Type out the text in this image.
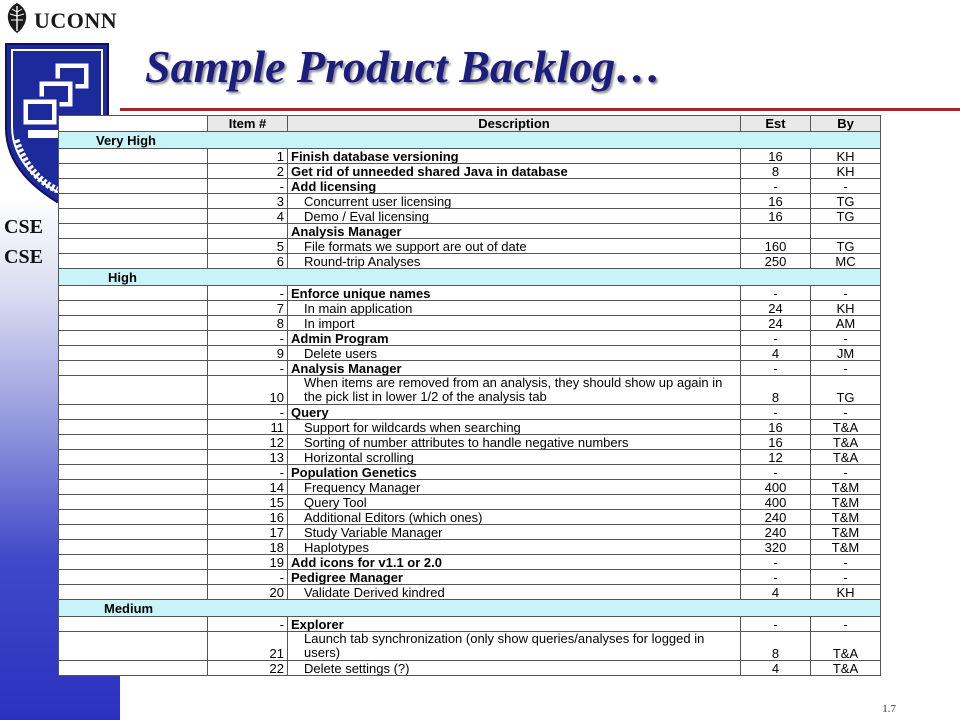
UCONN
CSE
CSE
Sample Product Backlog…
	Item #	Description	Est	By
Very High				
	1	Finish database versioning	16	KH
	2	Get rid of unneeded shared Java in database	8	KH
	-	Add licensing	-	-
	3	Concurrent user licensing	16	TG
	4	Demo / Eval licensing	16	TG
		Analysis Manager		
	5	File formats we support are out of date	160	TG
	6	Round-trip Analyses	250	MC
High				
	-	Enforce unique names	-	-
	7	In main application	24	KH
	8	In import	24	AM
	-	Admin Program	-	-
	9	Delete users	4	JM
	-	Analysis Manager	-	-
	10	When items are removed from an analysis, they should show up again in the pick list in lower 1/2 of the analysis tab	8	TG
	-	Query	-	-
	11	Support for wildcards when searching	16	T&A
	12	Sorting of number attributes to handle negative numbers	16	T&A
	13	Horizontal scrolling	12	T&A
	-	Population Genetics	-	-
	14	Frequency Manager	400	T&M
	15	Query Tool	400	T&M
	16	Additional Editors (which ones)	240	T&M
	17	Study Variable Manager	240	T&M
	18	Haplotypes	320	T&M
	19	Add icons for v1.1 or 2.0	-	-
	-	Pedigree Manager	-	-
	20	Validate Derived kindred	4	KH
Medium				
	-	Explorer	-	-
	21	Launch tab synchronization (only show queries/analyses for logged in users)	8	T&A
	22	Delete settings (?)	4	T&A
1.7
